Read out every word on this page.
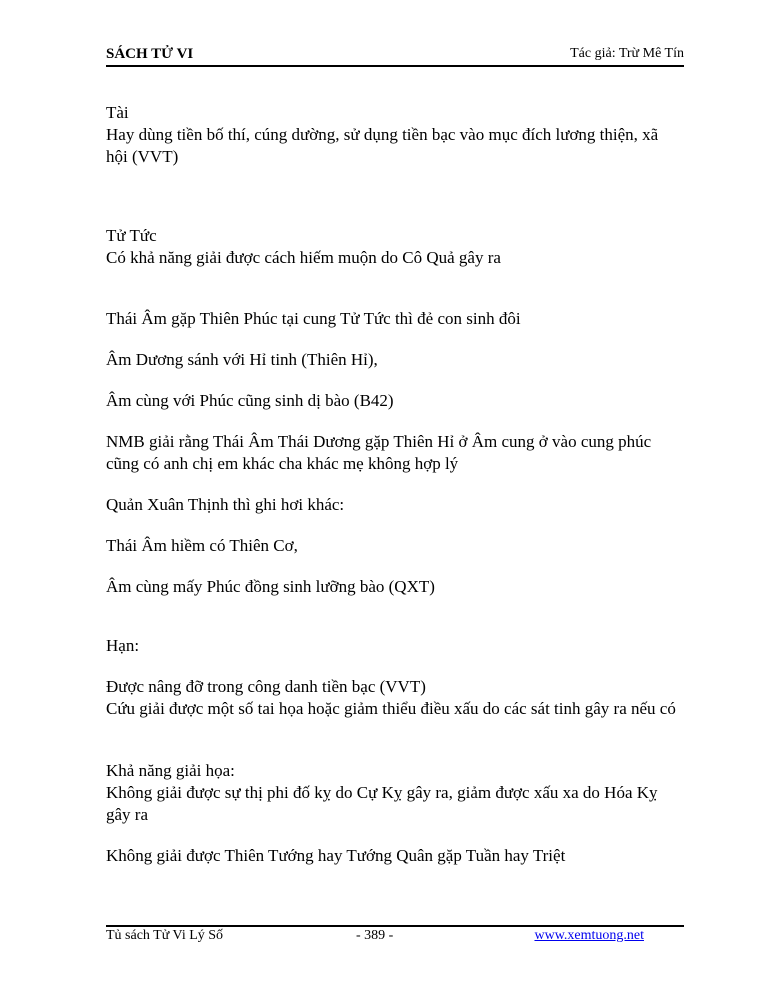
SÁCH TỬ VI	Tác giả: Trừ Mê Tín

Tài

Hay dùng tiền bố thí, cúng dường, sử dụng tiền bạc vào mục đích lương thiện, xã hội (VVT)

Tử Tức

Có khả năng giải được cách hiếm muộn do Cô Quả gây ra

Thái Âm gặp Thiên Phúc tại cung Tử Tức thì đẻ con sinh đôi

Âm Dương sánh với Hỉ tinh (Thiên Hỉ),

Âm cùng với Phúc cũng sinh dị bào (B42)

NMB giải rằng Thái Âm Thái Dương gặp Thiên Hỉ ở Âm cung ở vào cung phúc cũng có anh chị em khác cha khác mẹ không hợp lý

Quản Xuân Thịnh thì ghi hơi khác:

Thái Âm hiềm có Thiên Cơ,

Âm cùng mấy Phúc đồng sinh lưỡng bào (QXT)

Hạn:

Được nâng đỡ trong công danh tiền bạc (VVT)

Cứu giải được một số tai họa hoặc giảm thiểu điều xấu do các sát tinh gây ra nếu có

Khả năng giải họa:

Không giải được sự thị phi đố kỵ do Cự Kỵ gây ra, giảm được xấu xa do Hóa Kỵ gây ra

Không giải được Thiên Tướng hay Tướng Quân gặp Tuần hay Triệt

Tủ sách Tử Vi Lý Số	- 389 -	www.xemtuong.net
